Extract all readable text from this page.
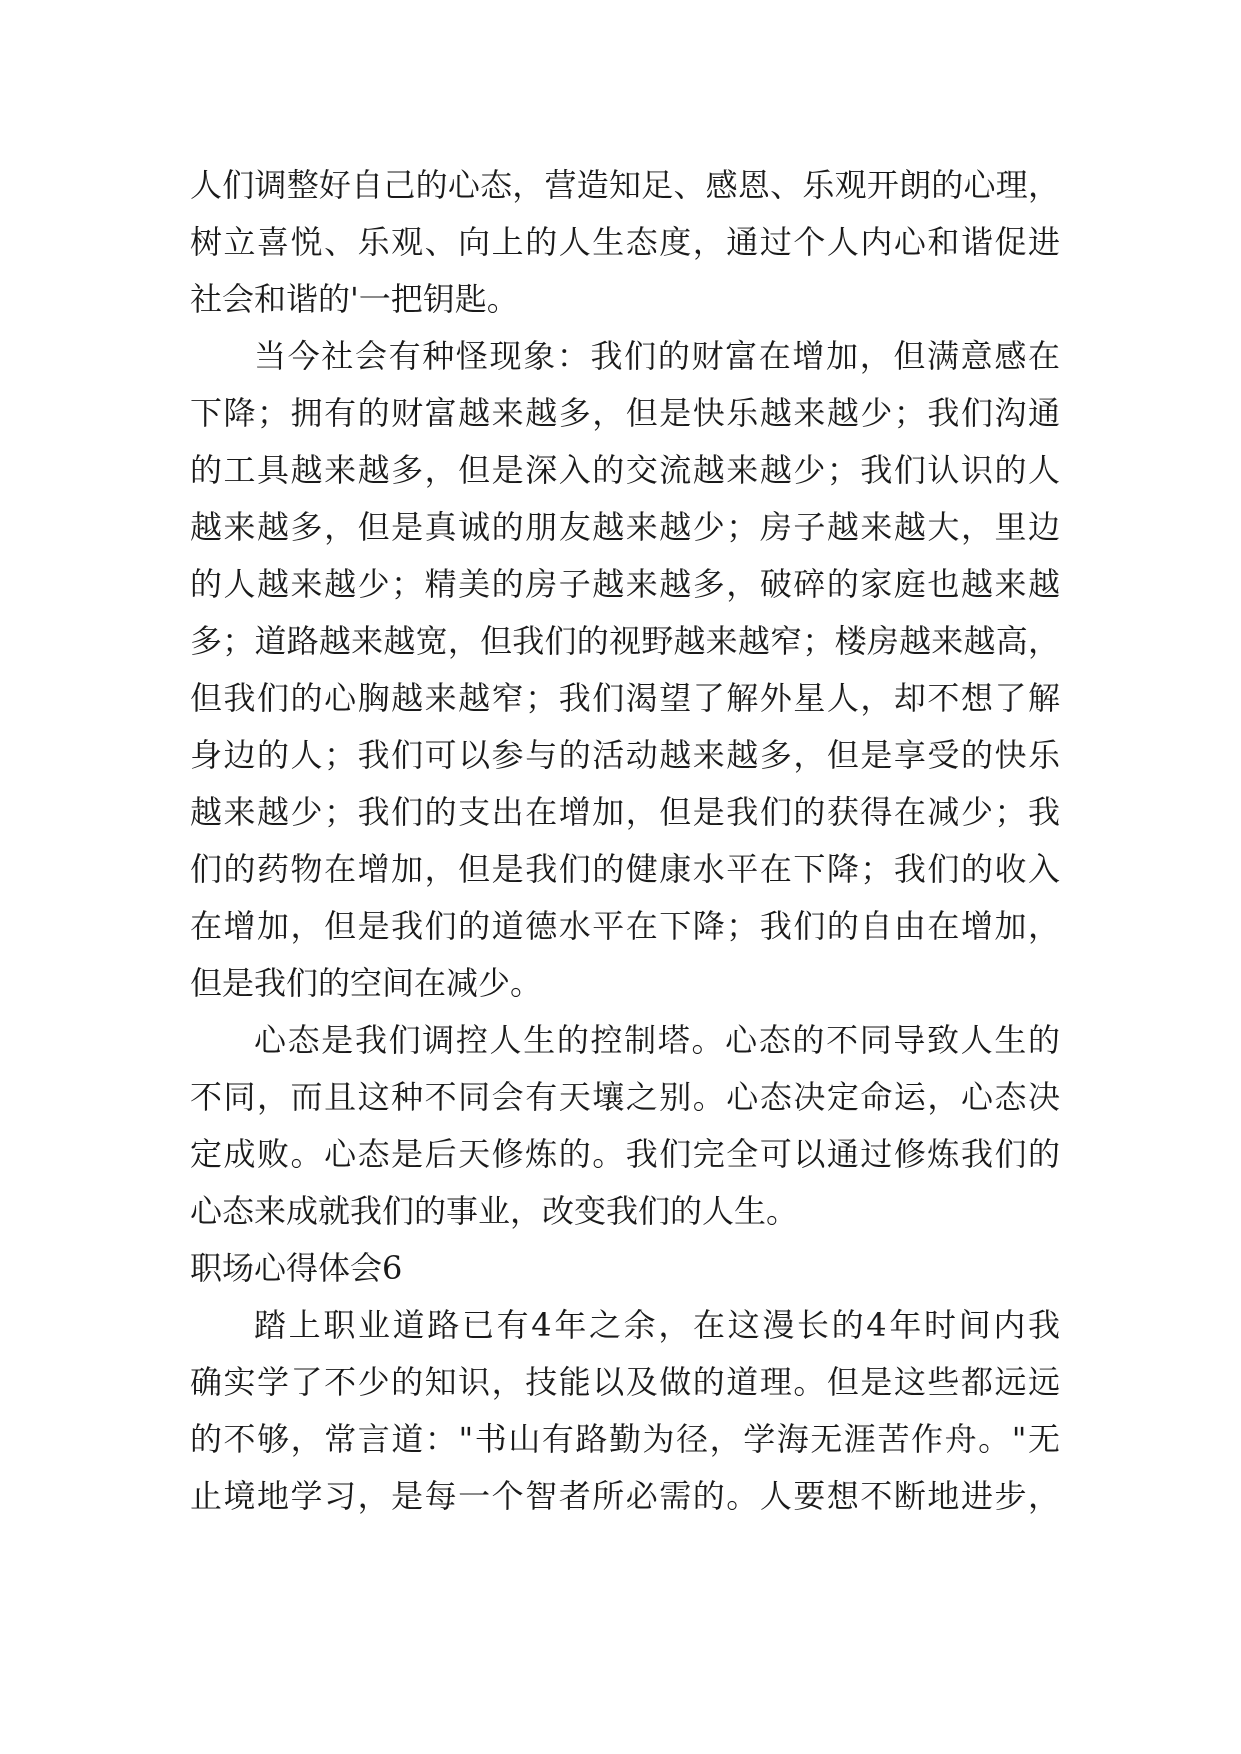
人们调整好自己的心态，营造知足、感恩、乐观开朗的心理，

树立喜悦、乐观、向上的人生态度，通过个人内心和谐促进

社会和谐的'一把钥匙。

当今社会有种怪现象：我们的财富在增加，但满意感在

下降；拥有的财富越来越多，但是快乐越来越少；我们沟通

的工具越来越多，但是深入的交流越来越少；我们认识的人

越来越多，但是真诚的朋友越来越少；房子越来越大，里边

的人越来越少；精美的房子越来越多，破碎的家庭也越来越

多；道路越来越宽，但我们的视野越来越窄；楼房越来越高，

但我们的心胸越来越窄；我们渴望了解外星人，却不想了解

身边的人；我们可以参与的活动越来越多，但是享受的快乐

越来越少；我们的支出在增加，但是我们的获得在减少；我

们的药物在增加，但是我们的健康水平在下降；我们的收入

在增加，但是我们的道德水平在下降；我们的自由在增加，

但是我们的空间在减少。

心态是我们调控人生的控制塔。心态的不同导致人生的

不同，而且这种不同会有天壤之别。心态决定命运，心态决

定成败。心态是后天修炼的。我们完全可以通过修炼我们的

心态来成就我们的事业，改变我们的人生。

职场心得体会6

踏上职业道路已有4年之余，在这漫长的4年时间内我

确实学了不少的知识，技能以及做的道理。但是这些都远远

的不够，常言道："书山有路勤为径，学海无涯苦作舟。"无

止境地学习，是每一个智者所必需的。人要想不断地进步，
